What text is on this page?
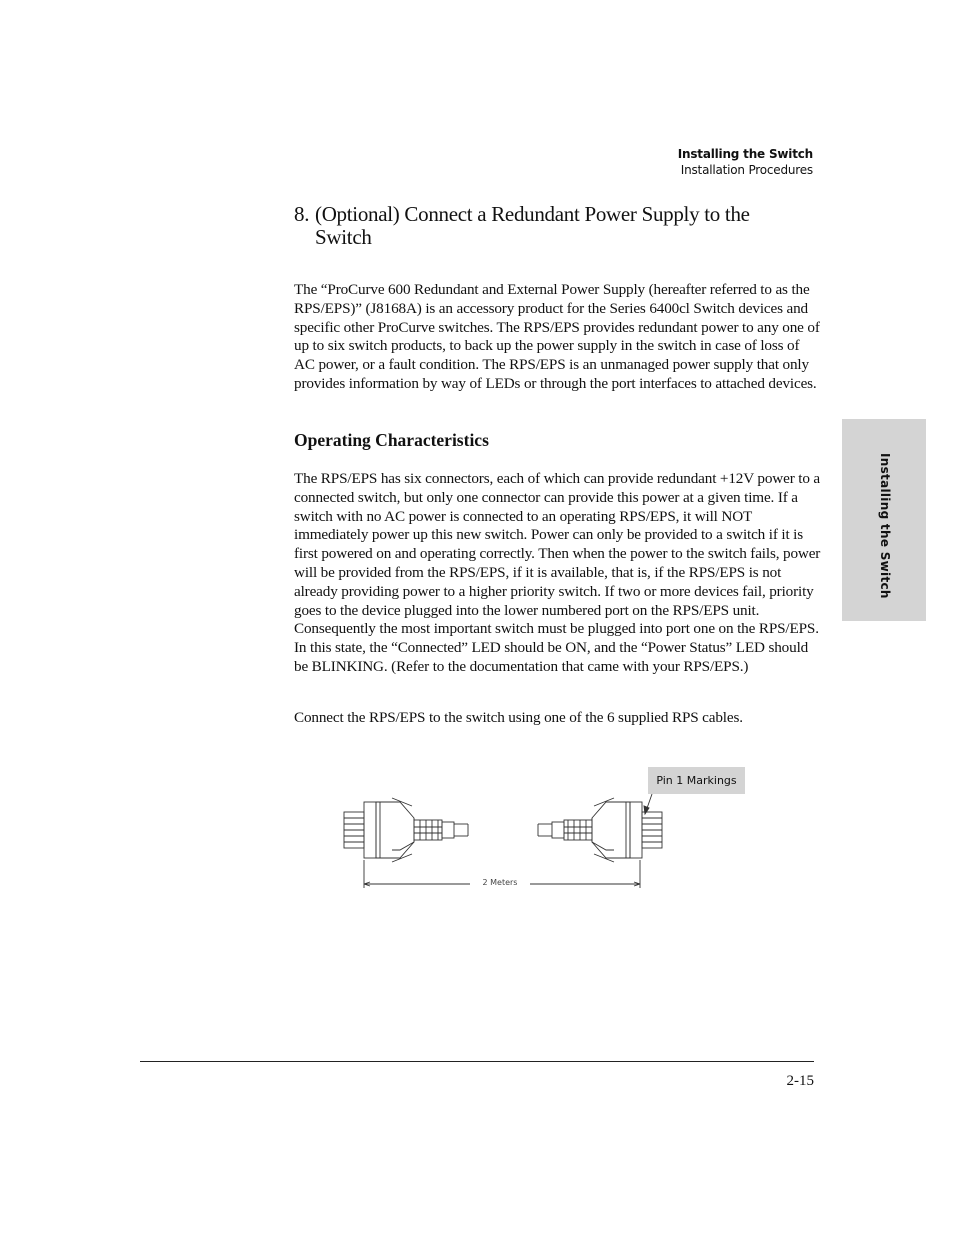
Installing the Switch
Installation Procedures
8. (Optional) Connect a Redundant Power Supply to the
Switch

The “ProCurve 600 Redundant and External Power Supply (hereafter referred to as the RPS/EPS)” (J8168A) is an accessory product for the Series 6400cl Switch devices and specific other ProCurve switches. The RPS/EPS provides redundant power to any one of up to six switch products, to back up the power supply in the switch in case of loss of AC power, or a fault condition. The RPS/EPS is an unmanaged power supply that only provides information by way of LEDs or through the port interfaces to attached devices.

Operating Characteristics

The RPS/EPS has six connectors, each of which can provide redundant +12V power to a connected switch, but only one connector can provide this power at a given time. If a switch with no AC power is connected to an operating RPS/EPS, it will NOT immediately power up this new switch. Power can only be provided to a switch if it is first powered on and operating correctly. Then when the power to the switch fails, power will be provided from the RPS/EPS, if it is available, that is, if the RPS/EPS is not already providing power to a higher priority switch. If two or more devices fail, priority goes to the device plugged into the lower numbered port on the RPS/EPS unit. Consequently the most important switch must be plugged into port one on the RPS/EPS. In this state, the “Connected” LED should be ON, and the “Power Status” LED should be BLINKING. (Refer to the documentation that came with your RPS/EPS.)

Connect the RPS/EPS to the switch using one of the 6 supplied RPS cables.

Installing the Switch
Pin 1 Markings
2 Meters
2-15
